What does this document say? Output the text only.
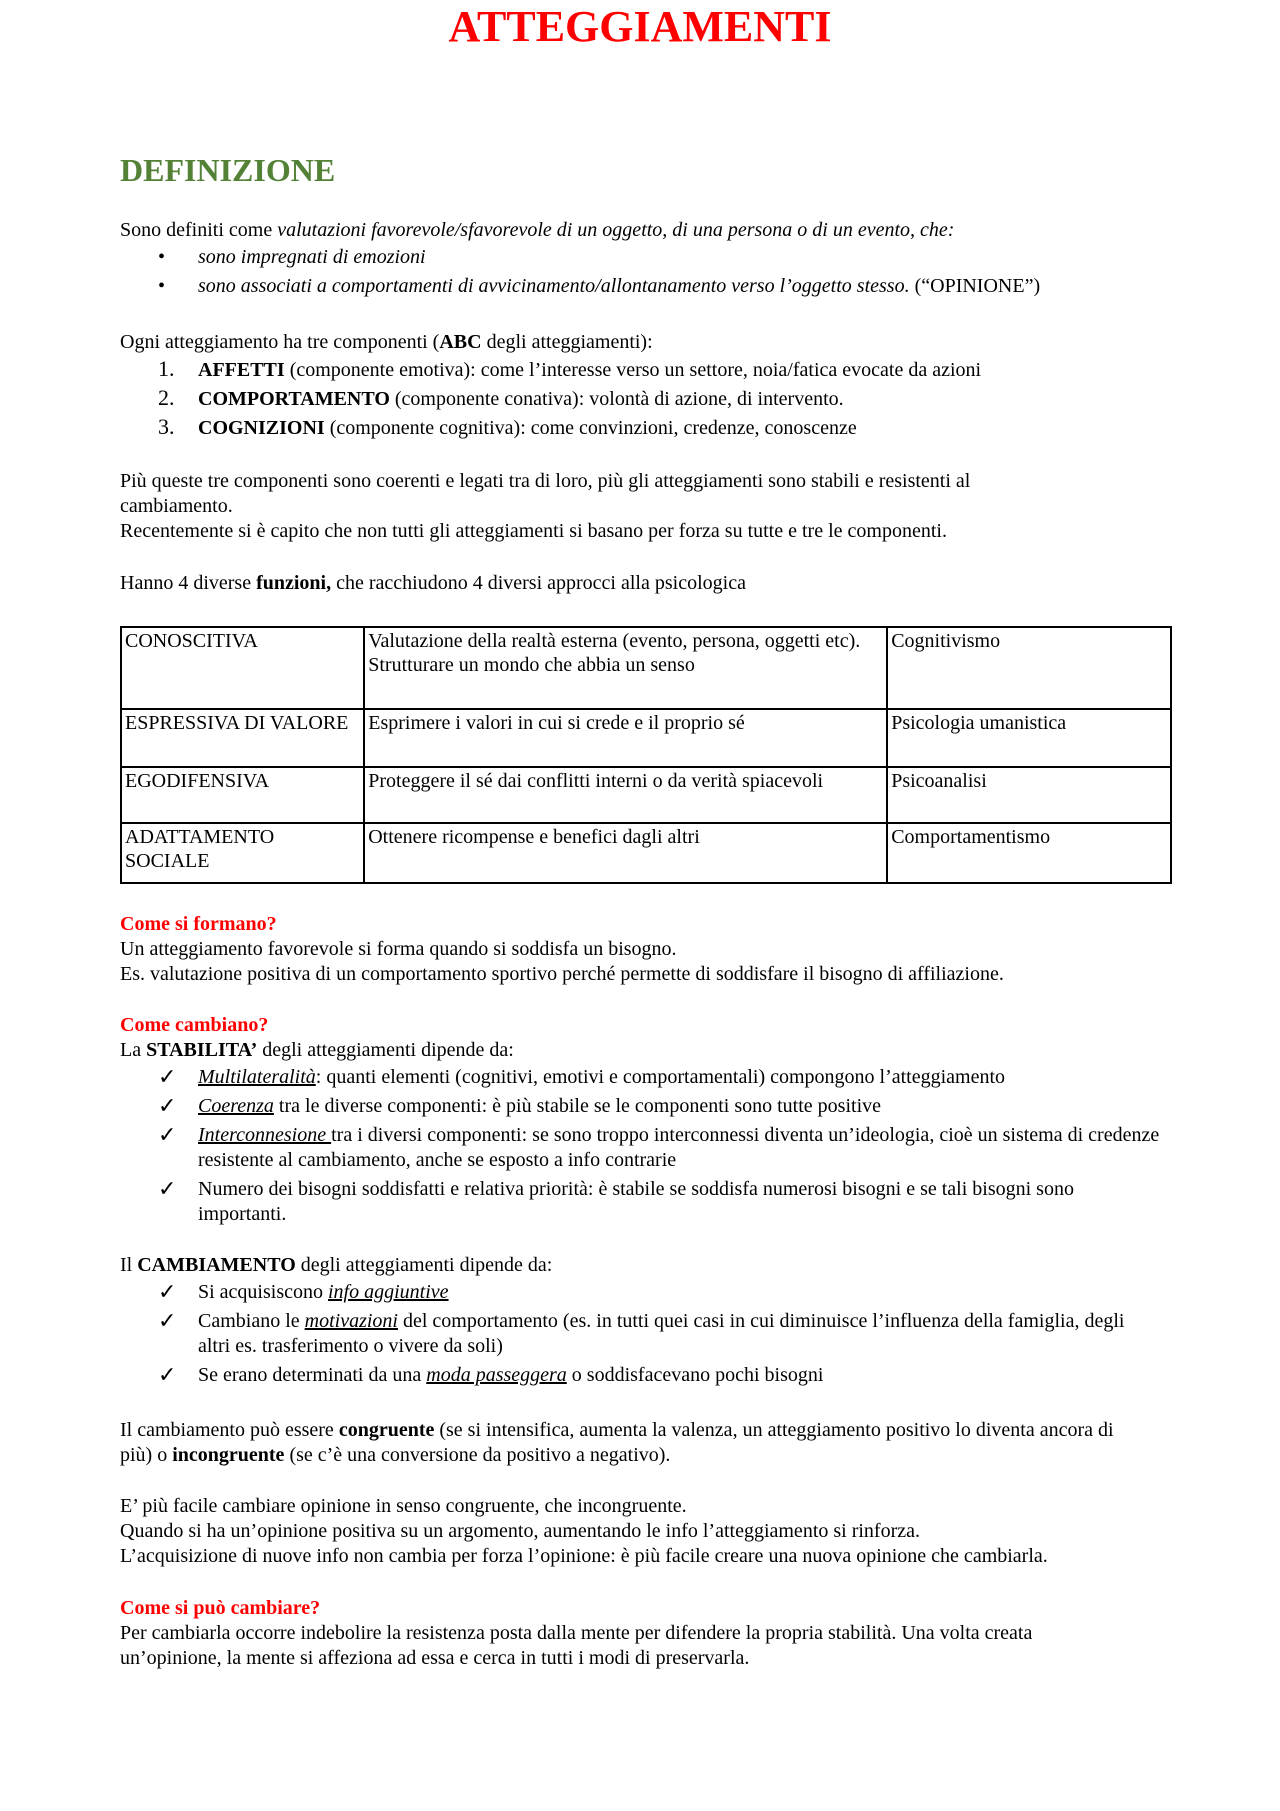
ATTEGGIAMENTI
DEFINIZIONE

Sono definiti come valutazioni favorevole/sfavorevole di un oggetto, di una persona o di un evento, che:

• sono impregnati di emozioni
• sono associati a comportamenti di avvicinamento/allontanamento verso l’oggetto stesso. (“OPINIONE”)

Ogni atteggiamento ha tre componenti (ABC degli atteggiamenti):

1. AFFETTI (componente emotiva): come l’interesse verso un settore, noia/fatica evocate da azioni
2. COMPORTAMENTO (componente conativa): volontà di azione, di intervento.
3. COGNIZIONI (componente cognitiva): come convinzioni, credenze, conoscenze

Più queste tre componenti sono coerenti e legati tra di loro, più gli atteggiamenti sono stabili e resistenti al cambiamento.

Recentemente si è capito che non tutti gli atteggiamenti si basano per forza su tutte e tre le componenti.

Hanno 4 diverse funzioni, che racchiudono 4 diversi approcci alla psicologica

CONOSCITIVA	Valutazione della realtà esterna (evento, persona, oggetti etc). Strutturare un mondo che abbia un senso	Cognitivismo
ESPRESSIVA DI VALORE	Esprimere i valori in cui si crede e il proprio sé	Psicologia umanistica
EGODIFENSIVA	Proteggere il sé dai conflitti interni o da verità spiacevoli	Psicoanalisi
ADATTAMENTO SOCIALE	Ottenere ricompense e benefici dagli altri	Comportamentismo

Come si formano?

Un atteggiamento favorevole si forma quando si soddisfa un bisogno.

Es. valutazione positiva di un comportamento sportivo perché permette di soddisfare il bisogno di affiliazione.

Come cambiano?

La STABILITA’ degli atteggiamenti dipende da:

✓ Multilateralità: quanti elementi (cognitivi, emotivi e comportamentali) compongono l’atteggiamento
✓ Coerenza tra le diverse componenti: è più stabile se le componenti sono tutte positive
✓ Interconnesione tra i diversi componenti: se sono troppo interconnessi diventa un’ideologia, cioè un sistema di credenze resistente al cambiamento, anche se esposto a info contrarie
✓ Numero dei bisogni soddisfatti e relativa priorità: è stabile se soddisfa numerosi bisogni e se tali bisogni sono importanti.

Il CAMBIAMENTO degli atteggiamenti dipende da:

✓ Si acquisiscono info aggiuntive
✓ Cambiano le motivazioni del comportamento (es. in tutti quei casi in cui diminuisce l’influenza della famiglia, degli altri es. trasferimento o vivere da soli)
✓ Se erano determinati da una moda passeggera o soddisfacevano pochi bisogni

Il cambiamento può essere congruente (se si intensifica, aumenta la valenza, un atteggiamento positivo lo diventa ancora di più) o incongruente (se c’è una conversione da positivo a negativo).

E’ più facile cambiare opinione in senso congruente, che incongruente.

Quando si ha un’opinione positiva su un argomento, aumentando le info l’atteggiamento si rinforza.

L’acquisizione di nuove info non cambia per forza l’opinione: è più facile creare una nuova opinione che cambiarla.

Come si può cambiare?

Per cambiarla occorre indebolire la resistenza posta dalla mente per difendere la propria stabilità. Una volta creata un’opinione, la mente si affeziona ad essa e cerca in tutti i modi di preservarla.
